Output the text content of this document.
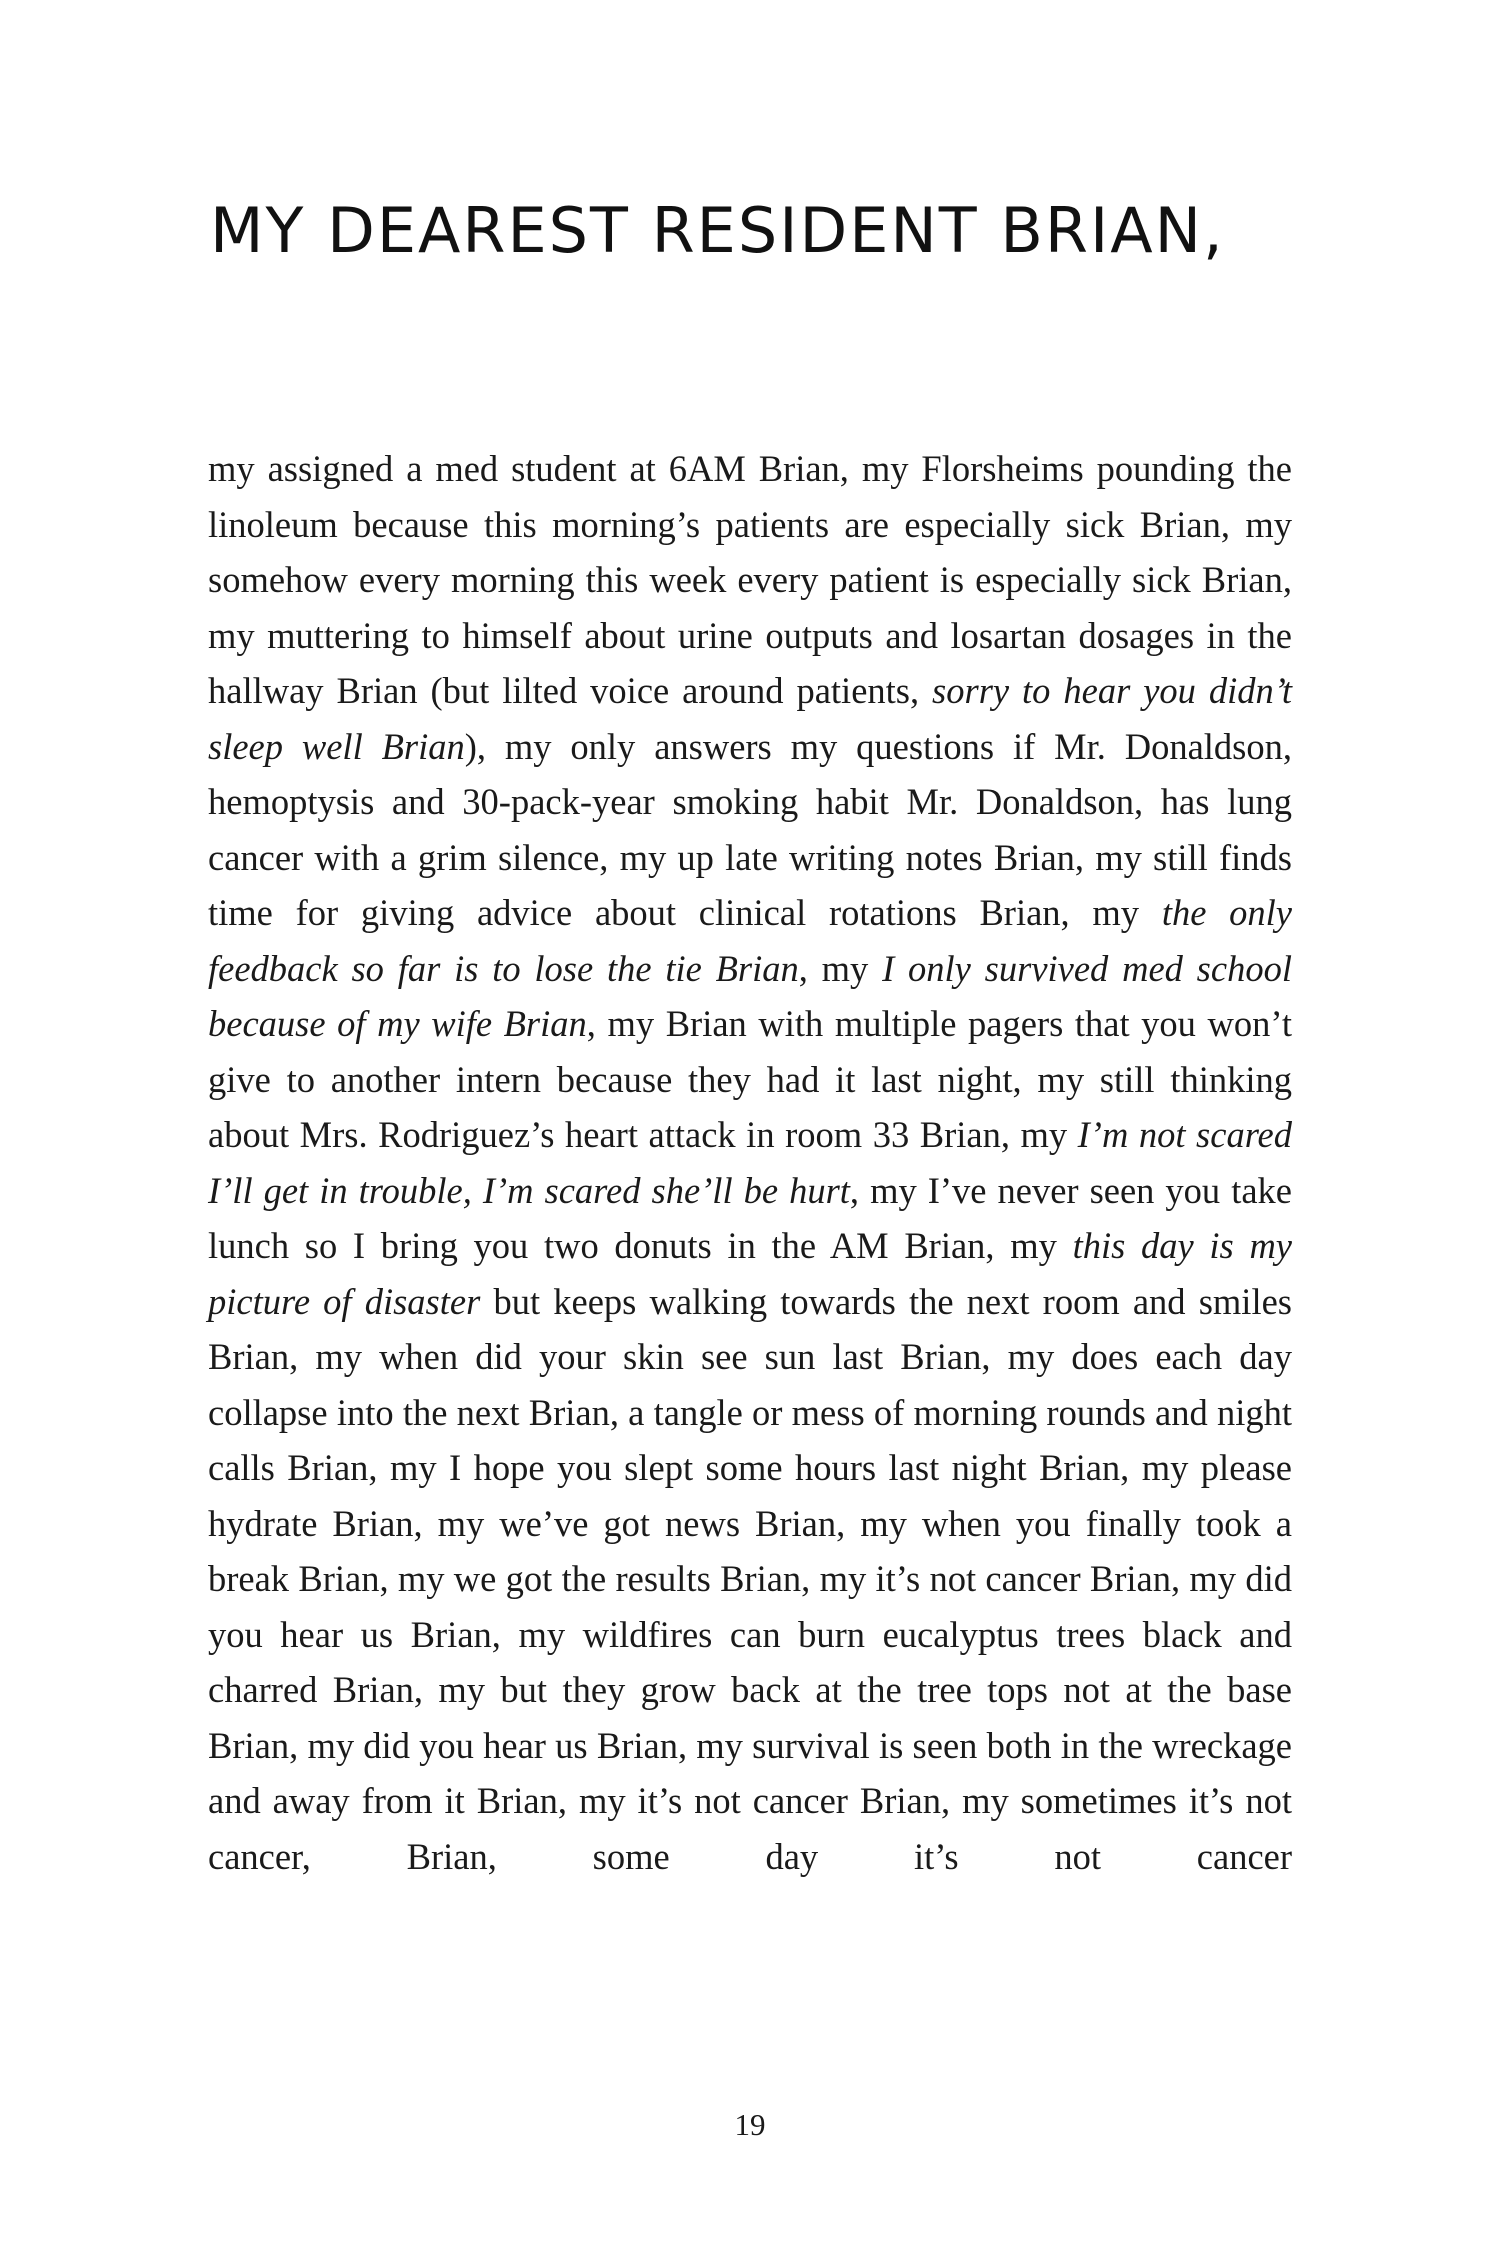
MY DEAREST RESIDENT BRIAN,

my assigned a med student at 6AM Brian, my Florsheims pounding the linoleum because this morning’s patients are especially sick Brian, my somehow every morning this week every patient is especially sick Brian, my muttering to himself about urine outputs and losartan dosages in the hallway Brian (but lilted voice around patients, sorry to hear you didn’t sleep well Brian), my only answers my questions if Mr. Donaldson, hemoptysis and 30-pack-year smoking habit Mr. Donaldson, has lung cancer with a grim silence, my up late writing notes Brian, my still finds time for giving advice about clinical rotations Brian, my the only feedback so far is to lose the tie Brian, my I only survived med school because of my wife Brian, my Brian with multiple pagers that you won’t give to another intern because they had it last night, my still thinking about Mrs. Rodriguez’s heart attack in room 33 Brian, my I’m not scared I’ll get in trouble, I’m scared she’ll be hurt, my I’ve never seen you take lunch so I bring you two donuts in the AM Brian, my this day is my picture of disaster but keeps walking towards the next room and smiles Brian, my when did your skin see sun last Brian, my does each day collapse into the next Brian, a tangle or mess of morning rounds and night calls Brian, my I hope you slept some hours last night Brian, my please hydrate Brian, my we’ve got news Brian, my when you finally took a break Brian, my we got the results Brian, my it’s not cancer Brian, my did you hear us Brian, my wildfires can burn eucalyptus trees black and charred Brian, my but they grow back at the tree tops not at the base Brian, my did you hear us Brian, my survival is seen both in the wreckage and away from it Brian, my it’s not cancer Brian, my sometimes it’s not cancer, Brian, some day it’s not cancer

19
